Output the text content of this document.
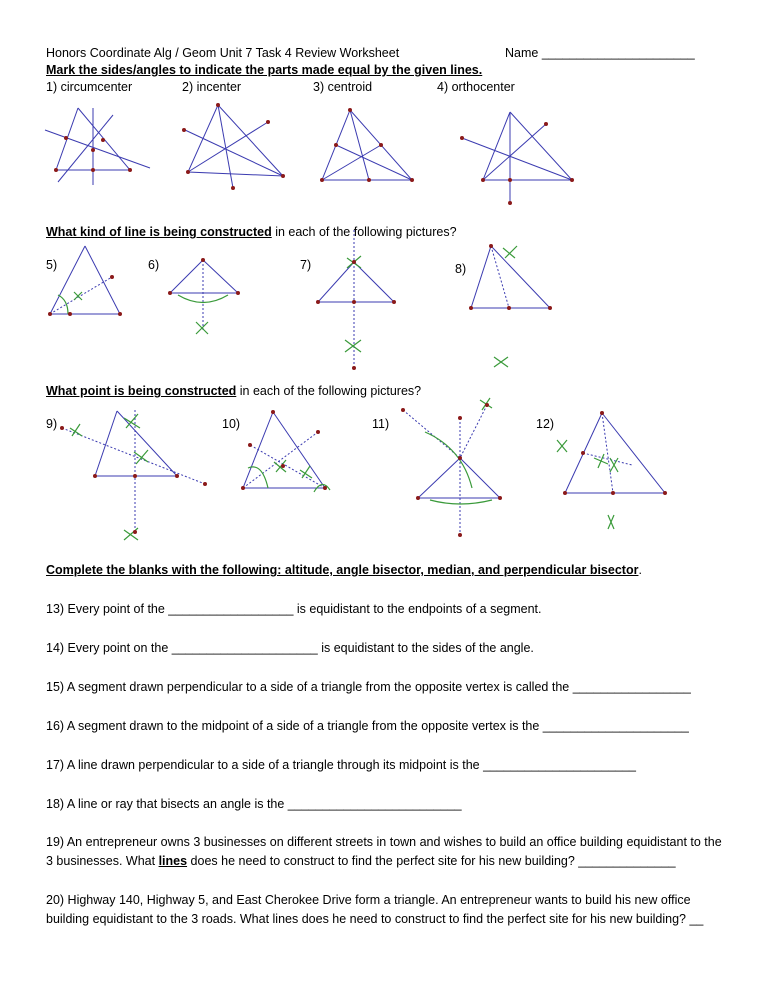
Honors Coordinate Alg / Geom Unit 7 Task 4 Review Worksheet	Name ______________________
Mark the sides/angles to indicate the parts made equal by the given lines.
1) circumcenter	2) incenter	3) centroid	4) orthocenter
What kind of line is being constructed in each of the following pictures?
5)	6)	7)	8)
What point is being constructed in each of the following pictures?
9)	10)	11)	12)
Complete the blanks with the following: altitude, angle bisector, median, and perpendicular bisector.
13) Every point of the __________________ is equidistant to the endpoints of a segment.
14) Every point on the _____________________ is equidistant to the sides of the angle.
15) A segment drawn perpendicular to a side of a triangle from the opposite vertex is called the _________________
16) A segment drawn to the midpoint of a side of a triangle from the opposite vertex is the _____________________
17) A line drawn perpendicular to a side of a triangle through its midpoint is the ______________________
18) A line or ray that bisects an angle is the _________________________
19) An entrepreneur owns 3 businesses on different streets in town and wishes to build an office building equidistant to the 3 businesses. What lines does he need to construct to find the perfect site for his new building? ______________
20) Highway 140, Highway 5, and East Cherokee Drive form a triangle. An entrepreneur wants to build his new office building equidistant to the 3 roads. What lines does he need to construct to find the perfect site for his new building? __
